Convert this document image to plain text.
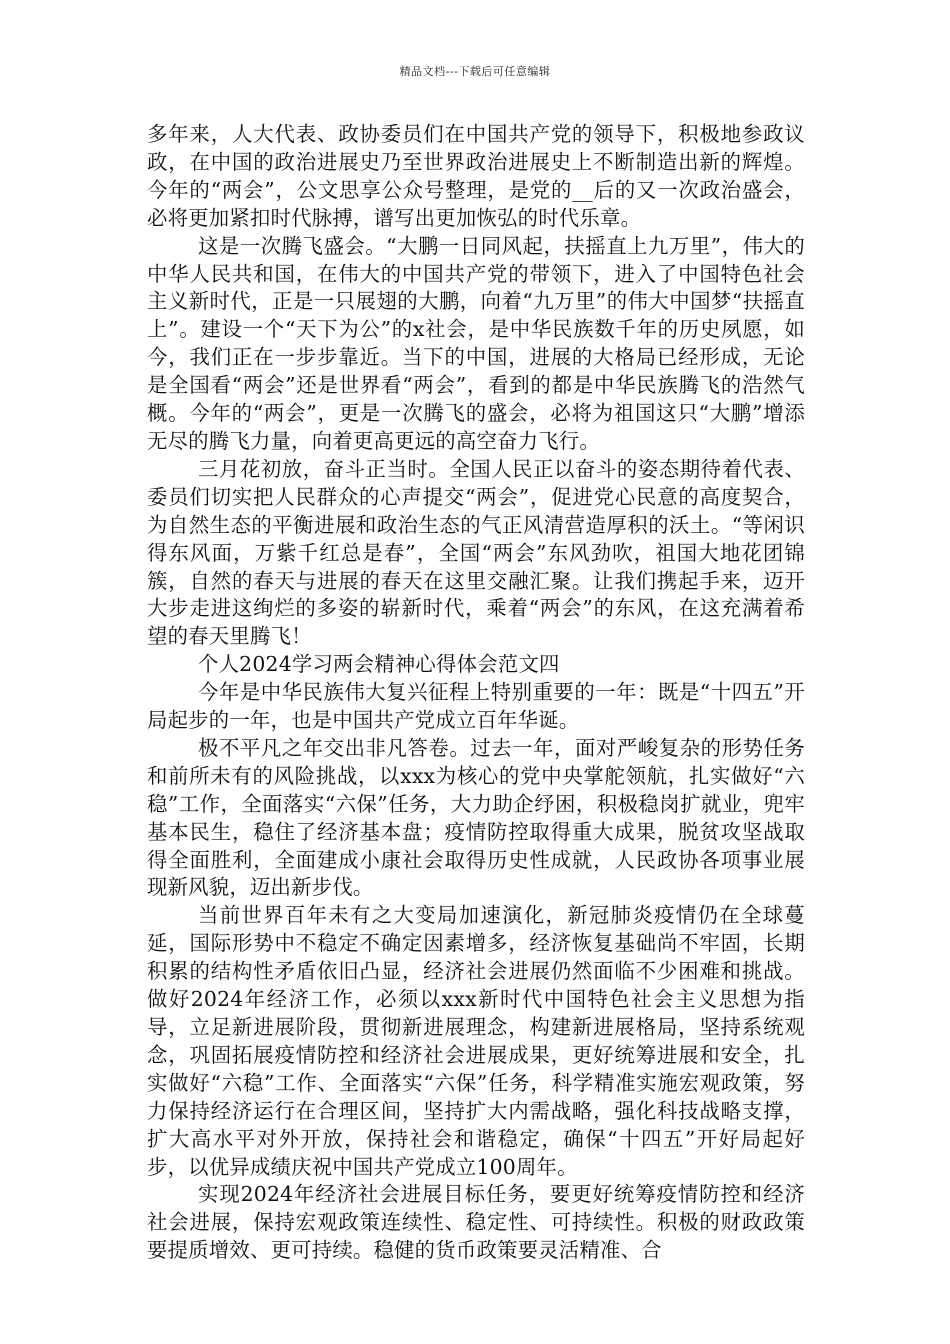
精品文档---下载后可任意编辑

多年来，人大代表、政协委员们在中国共产党的领导下，积极地参政议政，在中国的政治进展史乃至世界政治进展史上不断制造出新的辉煌。今年的“两会”，公文思享公众号整理，是党的__后的又一次政治盛会，必将更加紧扣时代脉搏，谱写出更加恢弘的时代乐章。

这是一次腾飞盛会。“大鹏一日同风起，扶摇直上九万里”，伟大的中华人民共和国，在伟大的中国共产党的带领下，进入了中国特色社会主义新时代，正是一只展翅的大鹏，向着“九万里”的伟大中国梦“扶摇直上”。建设一个“天下为公”的x社会，是中华民族数千年的历史夙愿，如今，我们正在一步步靠近。当下的中国，进展的大格局已经形成，无论是全国看“两会”还是世界看“两会”，看到的都是中华民族腾飞的浩然气概。今年的“两会”，更是一次腾飞的盛会，必将为祖国这只“大鹏”增添无尽的腾飞力量，向着更高更远的高空奋力飞行。

三月花初放，奋斗正当时。全国人民正以奋斗的姿态期待着代表、委员们切实把人民群众的心声提交“两会”，促进党心民意的高度契合，为自然生态的平衡进展和政治生态的气正风清营造厚积的沃土。“等闲识得东风面，万紫千红总是春”，全国“两会”东风劲吹，祖国大地花团锦簇，自然的春天与进展的春天在这里交融汇聚。让我们携起手来，迈开大步走进这绚烂的多姿的崭新时代，乘着“两会”的东风，在这充满着希望的春天里腾飞！

个人2024学习两会精神心得体会范文四

今年是中华民族伟大复兴征程上特别重要的一年：既是“十四五”开局起步的一年，也是中国共产党成立百年华诞。

极不平凡之年交出非凡答卷。过去一年，面对严峻复杂的形势任务和前所未有的风险挑战，以xxx为核心的党中央掌舵领航，扎实做好“六稳”工作，全面落实“六保”任务，大力助企纾困，积极稳岗扩就业，兜牢基本民生，稳住了经济基本盘；疫情防控取得重大成果，脱贫攻坚战取得全面胜利，全面建成小康社会取得历史性成就，人民政协各项事业展现新风貌，迈出新步伐。

当前世界百年未有之大变局加速演化，新冠肺炎疫情仍在全球蔓延，国际形势中不稳定不确定因素增多，经济恢复基础尚不牢固，长期积累的结构性矛盾依旧凸显，经济社会进展仍然面临不少困难和挑战。做好2024年经济工作，必须以xxx新时代中国特色社会主义思想为指导，立足新进展阶段，贯彻新进展理念，构建新进展格局，坚持系统观念，巩固拓展疫情防控和经济社会进展成果，更好统筹进展和安全，扎实做好“六稳”工作、全面落实“六保”任务，科学精准实施宏观政策，努力保持经济运行在合理区间，坚持扩大内需战略，强化科技战略支撑，扩大高水平对外开放，保持社会和谐稳定，确保“十四五”开好局起好步，以优异成绩庆祝中国共产党成立100周年。

实现2024年经济社会进展目标任务，要更好统筹疫情防控和经济社会进展，保持宏观政策连续性、稳定性、可持续性。积极的财政政策要提质增效、更可持续。稳健的货币政策要灵活精准、合
